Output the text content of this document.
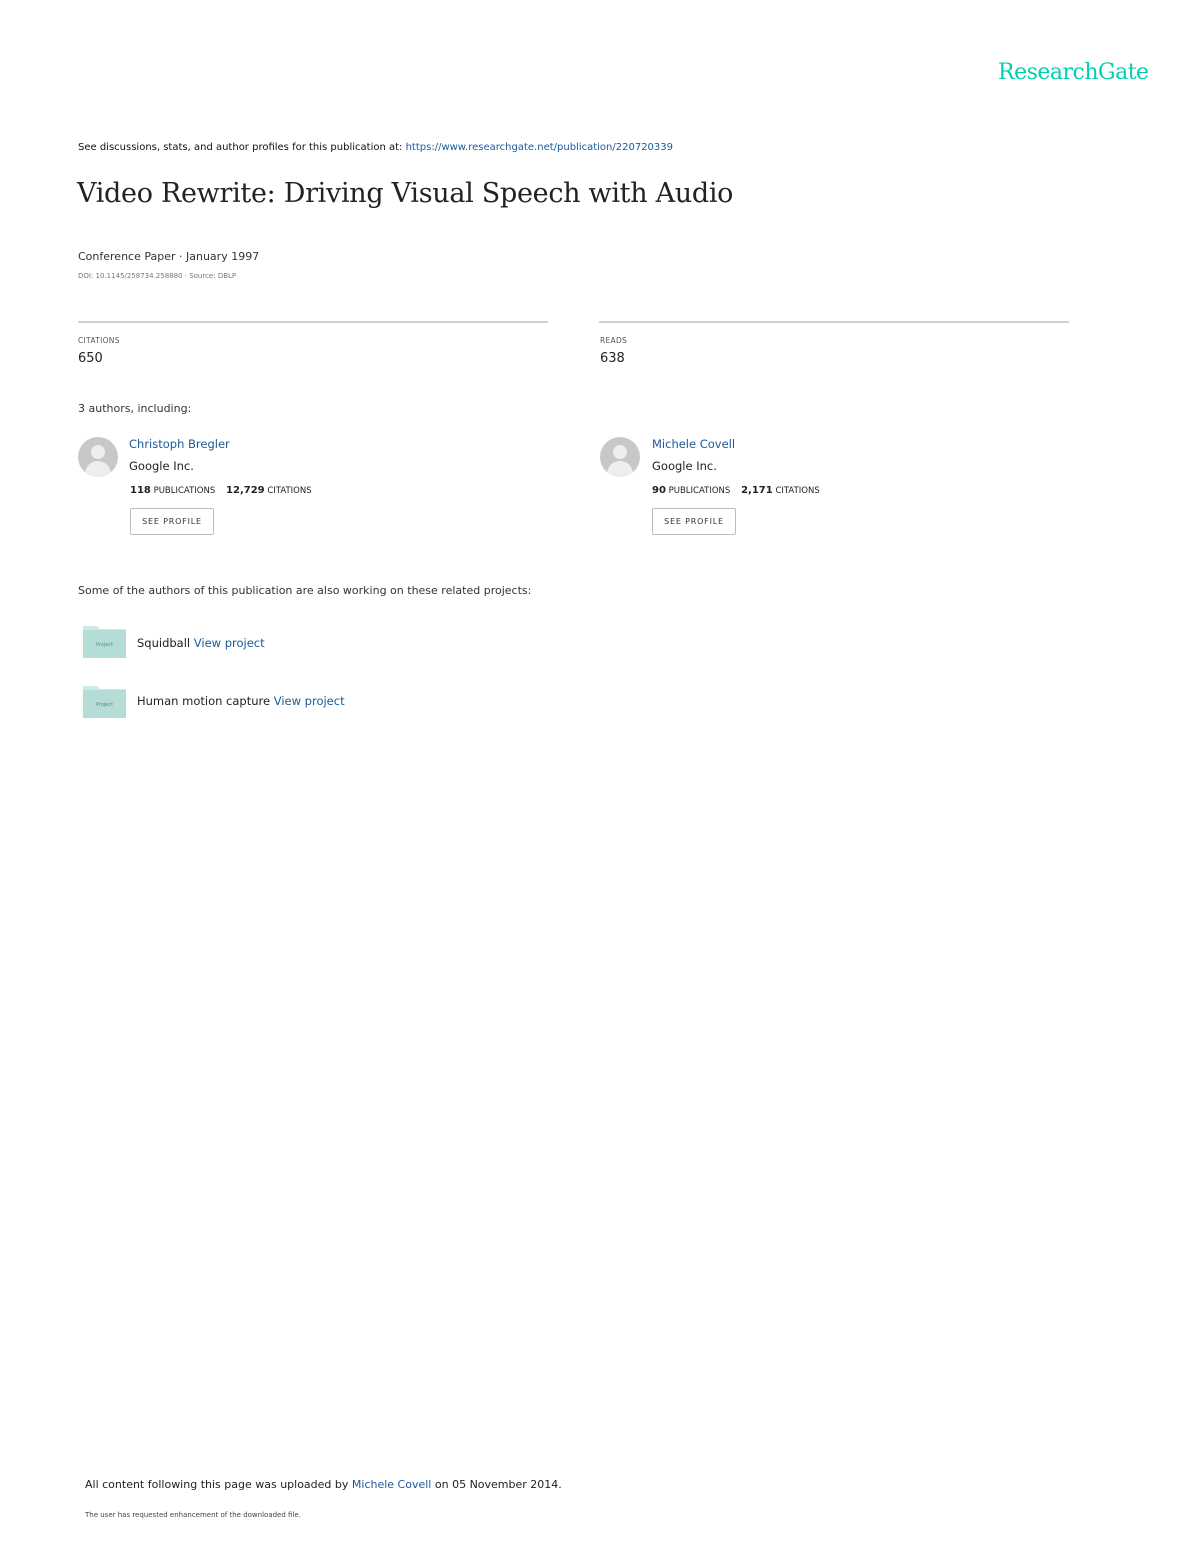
ResearchGate
See discussions, stats, and author profiles for this publication at: https://www.researchgate.net/publication/220720339
Video Rewrite: Driving Visual Speech with Audio
Conference Paper · January 1997
DOI: 10.1145/258734.258880 · Source: DBLP
CITATIONS
650
READS
638
3 authors, including:
Christoph Bregler
Google Inc.
118 PUBLICATIONS 12,729 CITATIONS
SEE PROFILE
Michele Covell
Google Inc.
90 PUBLICATIONS 2,171 CITATIONS
SEE PROFILE
Some of the authors of this publication are also working on these related projects:
Project Squidball View project
Project Human motion capture View project
All content following this page was uploaded by Michele Covell on 05 November 2014.
The user has requested enhancement of the downloaded file.
